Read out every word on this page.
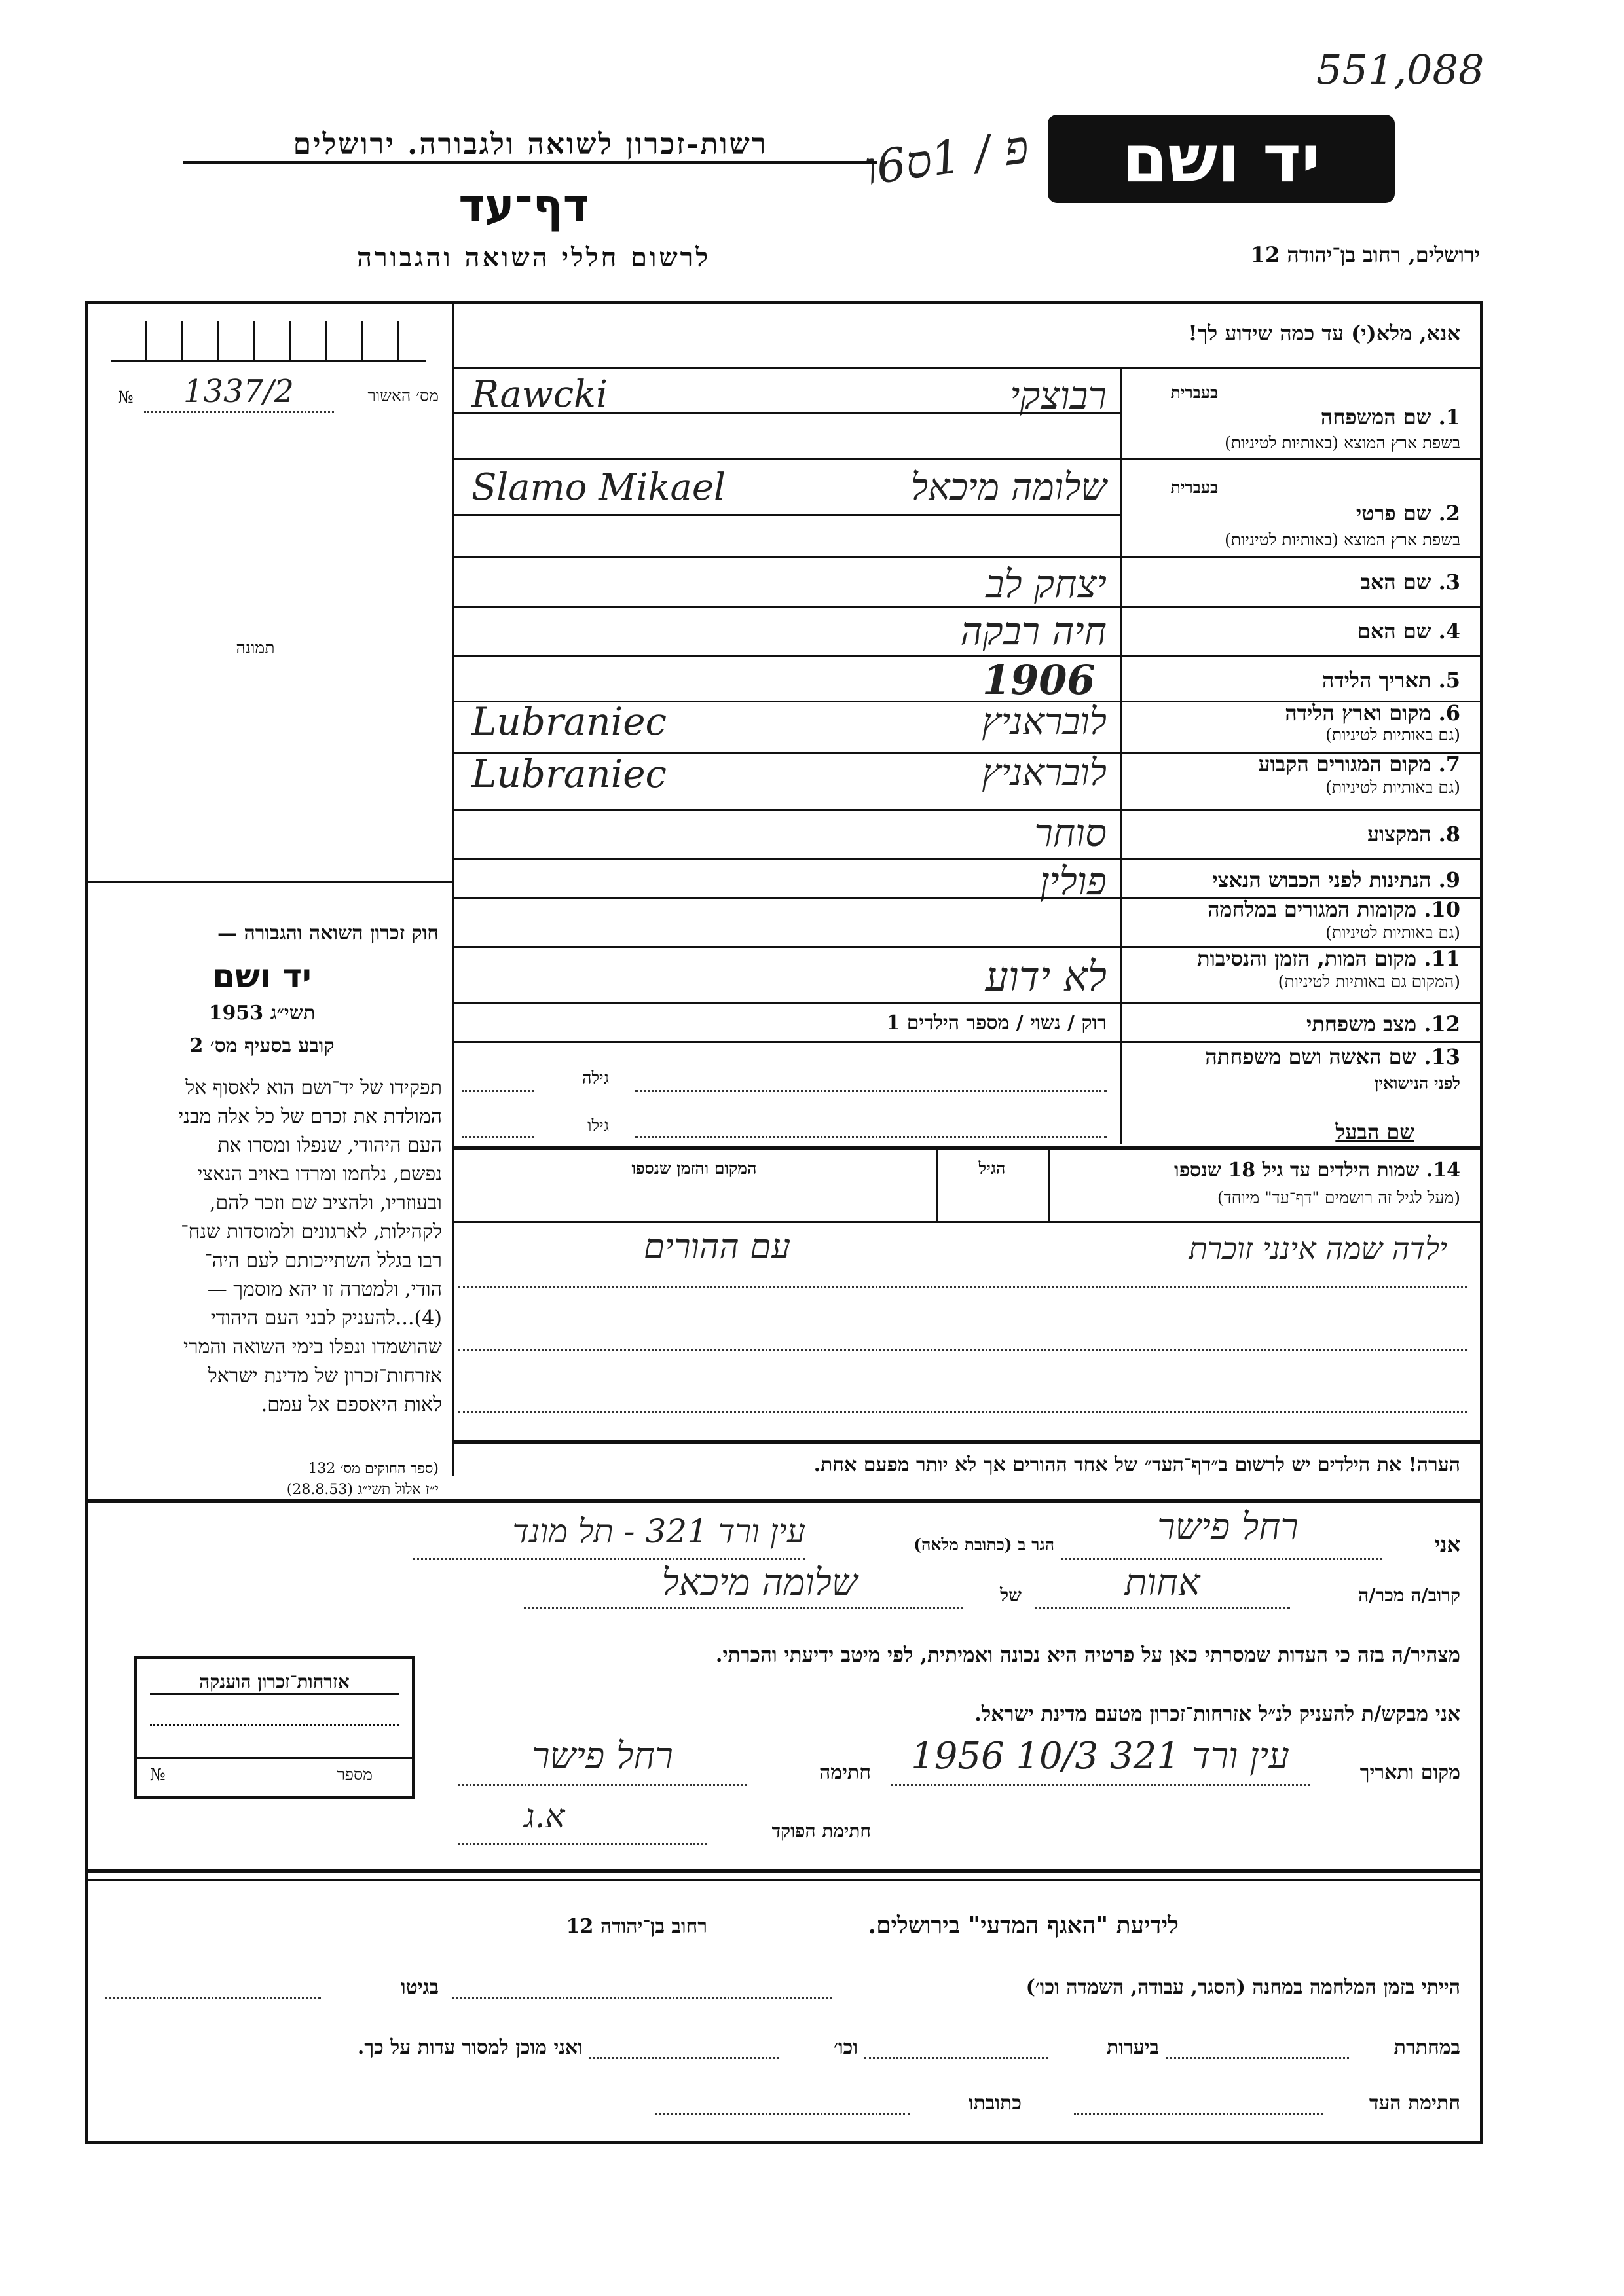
551,088
פ / 1ס6ו	יד ושם
רשות-זכרון לשואה ולגבורה. ירושלים
דף־עד
לרשום חללי השואה והגבורה	ירושלים, רחוב בן־יהודה 12
מס׳ האשור
№ 1337/2
תמונה
חוק זכרון השואה והגבורה —
יד ושם
תשי״ג 1953
קובע בסעיף מס׳ 2
תפקידו של יד־ושם הוא לאסוף אל
המולדת את זכרם של כל אלה מבני
העם היהודי, שנפלו ומסרו את
נפשם, נלחמו ומרדו באויב הנאצי
ובעוזריו, ולהציב שם וזכר להם,
לקהילות, לארגונים ולמוסדות שנח־
רבו בגלל השתייכותם לעם היה־
הודי, ולמטרה זו יהא מוסמך —
(4)...להעניק לבני העם היהודי
שהושמדו ונפלו בימי השואה והמרי
אזרחות־זכרון של מדינת ישראל
לאות היאספם אל עמם.
(ספר החוקים מס׳ 132
י״ז אלול תשי״ג (28.8.53)
אנא, מלא(י) עד כמה שידוע לך!
בעברית
1. שם המשפחה
בשפת ארץ המוצא (באותיות לטיניות)
רבוצקי
Rawcki
בעברית
2. שם פרטי
בשפת ארץ המוצא (באותיות לטיניות)
שלומה מיכאל
Slamo Mikael
3. שם האב
יצחק לב
4. שם האם
חיה רבקה
5. תאריך הלידה
1906
6. מקום וארץ הלידה
(גם באותיות לטיניות)
לובראניץ
Lubraniec
7. מקום המגורים הקבוע
(גם באותיות לטיניות)
לובראניץ
Lubraniec
8. המקצוע
סוחר
9. הנתינות לפני הכבוש הנאצי
פולין
10. מקומות המגורים במלחמה
(גם באותיות לטיניות)
11. מקום המות, הזמן והנסיבות
(המקום גם באותיות לטיניות)
לא ידוע
12. מצב משפחתי
רוק / נשוי / מספר הילדים 1
13. שם האשה ושם משפחתה
לפני הנישואין
גילה
שם הבעל
גילו
14. שמות הילדים עד גיל 18 שנספו
(מעל לגיל זה רושמים "דף־עד" מיוחד)
הגיל
המקום והזמן שנספו
ילדה שמה אינני זוכרת
עם ההורים
הערה! את הילדים יש לרשום ב״דף־העד״ של אחד ההורים אך לא יותר מפעם אחת.
אני
רחל פישר
הגר ב (כתובת מלאה)
עין ורד 321 - תל מונד
קרוב/ה מכר/ה
אחות
של
שלומה מיכאל
מצהיר/ה בזה כי העדות שמסרתי כאן על פרטיה היא נכונה ואמיתית, לפי מיטב ידיעתי והכרתי.
אזרחות־זכרון הוענקה
מספר
№
אני מבקש/ת להעניק לנ״ל אזרחות־זכרון מטעם מדינת ישראל.
מקום ותאריך
עין ורד 321 10/3 1956
חתימה
רחל פישר
חתימת הפוקד
א.ג
לידיעת "האגף המדעי" בירושלים.
רחוב בן־יהודה 12
הייתי בזמן המלחמה במחנה (הסגר, עבודה, השמדה וכו׳)
בגיטו
במחתרת
ביערות
וכו׳
ואני מוכן למסור עדות על כך.
חתימת העד
כתובתו
